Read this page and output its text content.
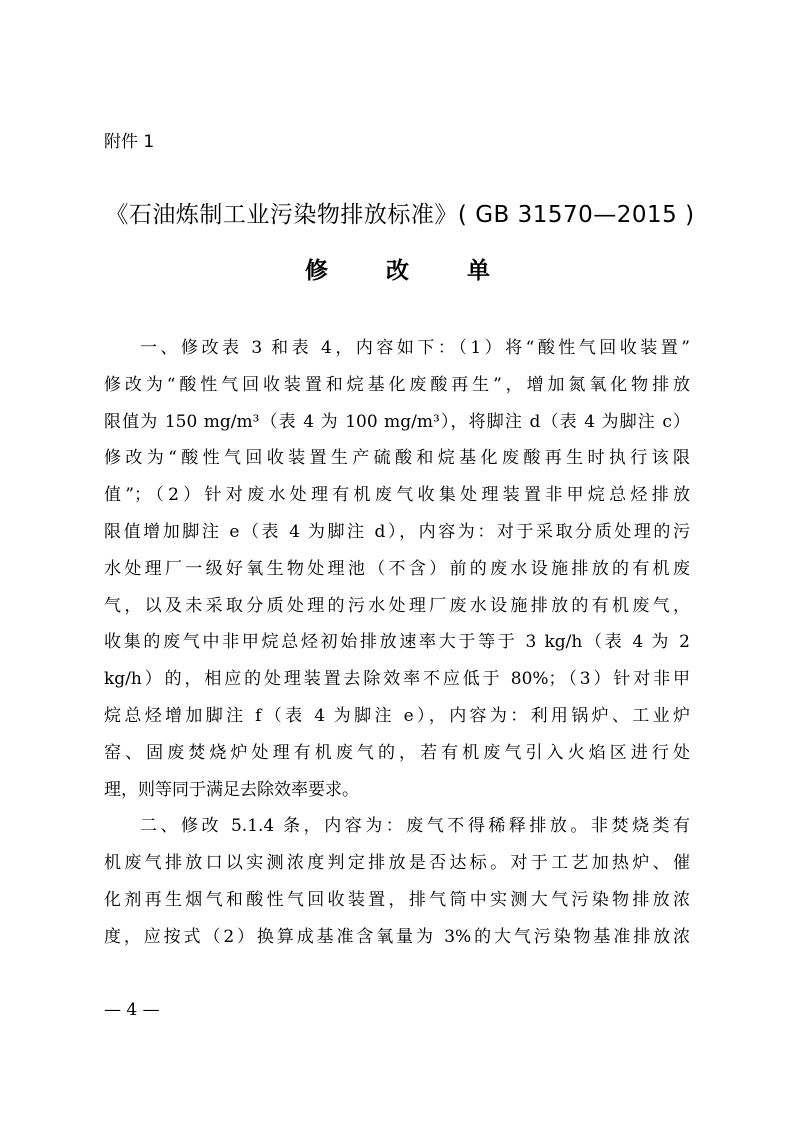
附件 1
《石油炼制工业污染物排放标准》( GB 31570—2015 )
修	改	单
一、修改表 3 和表 4，内容如下：（1）将“酸性气回收装置”
修改为“酸性气回收装置和烷基化废酸再生”，增加氮氧化物排放
限值为 150 mg/m³（表 4 为 100 mg/m³），将脚注 d（表 4 为脚注 c）
修改为“酸性气回收装置生产硫酸和烷基化废酸再生时执行该限
值”；（2）针对废水处理有机废气收集处理装置非甲烷总烃排放
限值增加脚注 e（表 4 为脚注 d），内容为：对于采取分质处理的污
水处理厂一级好氧生物处理池（不含）前的废水设施排放的有机废
气，以及未采取分质处理的污水处理厂废水设施排放的有机废气，
收集的废气中非甲烷总烃初始排放速率大于等于 3 kg/h（表 4 为 2
kg/h）的，相应的处理装置去除效率不应低于 80%；（3）针对非甲
烷总烃增加脚注 f（表 4 为脚注 e），内容为：利用锅炉、工业炉
窑、固废焚烧炉处理有机废气的，若有机废气引入火焰区进行处
理，则等同于满足去除效率要求。
二、修改 5.1.4 条，内容为：废气不得稀释排放。非焚烧类有
机废气排放口以实测浓度判定排放是否达标。对于工艺加热炉、催
化剂再生烟气和酸性气回收装置，排气筒中实测大气污染物排放浓
度，应按式（2）换算成基准含氧量为 3%的大气污染物基准排放浓
— 4 —
